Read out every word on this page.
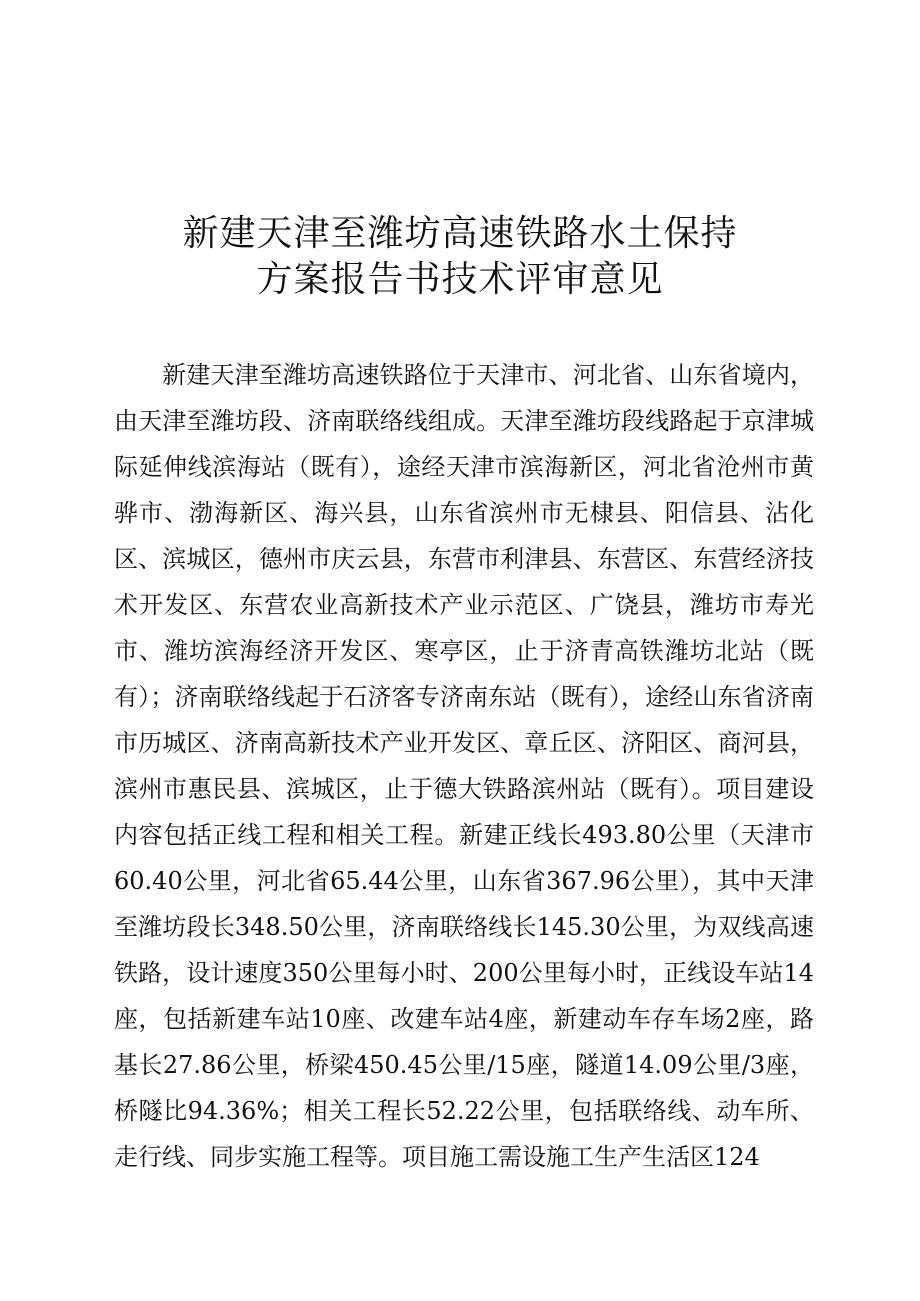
新建天津至潍坊高速铁路水土保持
方案报告书技术评审意见
新建天津至潍坊高速铁路位于天津市、河北省、山东省境内，由天津至潍坊段、济南联络线组成。天津至潍坊段线路起于京津城际延伸线滨海站（既有），途经天津市滨海新区，河北省沧州市黄骅市、渤海新区、海兴县，山东省滨州市无棣县、阳信县、沾化区、滨城区，德州市庆云县，东营市利津县、东营区、东营经济技术开发区、东营农业高新技术产业示范区、广饶县，潍坊市寿光市、潍坊滨海经济开发区、寒亭区，止于济青高铁潍坊北站（既有）；济南联络线起于石济客专济南东站（既有），途经山东省济南市历城区、济南高新技术产业开发区、章丘区、济阳区、商河县，滨州市惠民县、滨城区，止于德大铁路滨州站（既有）。项目建设内容包括正线工程和相关工程。新建正线长493.80公里（天津市60.40公里，河北省65.44公里，山东省367.96公里），其中天津至潍坊段长348.50公里，济南联络线长145.30公里，为双线高速铁路，设计速度350公里每小时、200公里每小时，正线设车站14座，包括新建车站10座、改建车站4座，新建动车存车场2座，路基长27.86公里，桥梁450.45公里/15座，隧道14.09公里/3座，桥隧比94.36%；相关工程长52.22公里，包括联络线、动车所、走行线、同步实施工程等。项目施工需设施工生产生活区124
